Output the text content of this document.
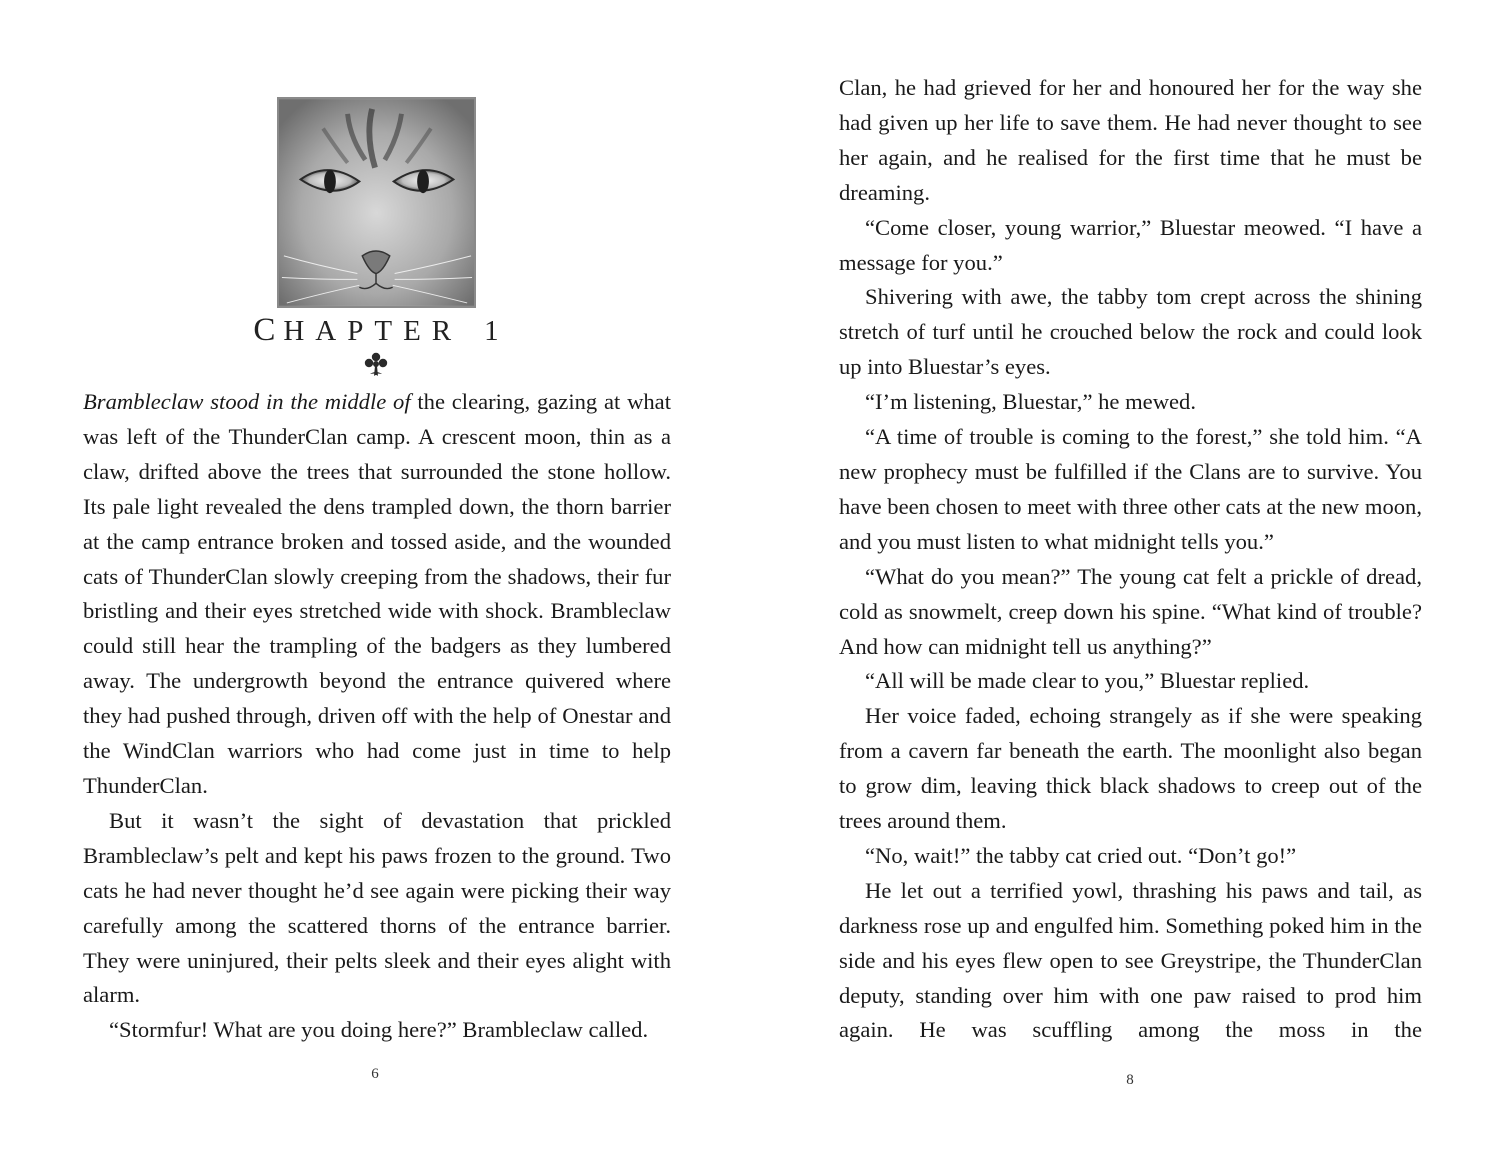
CHAPTER 1

Brambleclaw stood in the middle of the clearing, gazing at what was left of the ThunderClan camp. A crescent moon, thin as a claw, drifted above the trees that surrounded the stone hollow. Its pale light revealed the dens trampled down, the thorn barrier at the camp entrance broken and tossed aside, and the wounded cats of ThunderClan slowly creeping from the shadows, their fur bristling and their eyes stretched wide with shock. Brambleclaw could still hear the trampling of the badgers as they lumbered away. The undergrowth beyond the entrance quivered where they had pushed through, driven off with the help of Onestar and the WindClan warriors who had come just in time to help ThunderClan.

But it wasn’t the sight of devastation that prickled Brambleclaw’s pelt and kept his paws frozen to the ground. Two cats he had never thought he’d see again were picking their way carefully among the scattered thorns of the entrance barrier. They were uninjured, their pelts sleek and their eyes alight with alarm.

“Stormfur! What are you doing here?” Brambleclaw called.

6

Clan, he had grieved for her and honoured her for the way she had given up her life to save them. He had never thought to see her again, and he realised for the first time that he must be dreaming.

“Come closer, young warrior,” Bluestar meowed. “I have a message for you.”

Shivering with awe, the tabby tom crept across the shining stretch of turf until he crouched below the rock and could look up into Bluestar’s eyes.

“I’m listening, Bluestar,” he mewed.

“A time of trouble is coming to the forest,” she told him. “A new prophecy must be fulfilled if the Clans are to survive. You have been chosen to meet with three other cats at the new moon, and you must listen to what midnight tells you.”

“What do you mean?” The young cat felt a prickle of dread, cold as snowmelt, creep down his spine. “What kind of trouble? And how can midnight tell us anything?”

“All will be made clear to you,” Bluestar replied.

Her voice faded, echoing strangely as if she were speaking from a cavern far beneath the earth. The moonlight also began to grow dim, leaving thick black shadows to creep out of the trees around them.

“No, wait!” the tabby cat cried out. “Don’t go!”

He let out a terrified yowl, thrashing his paws and tail, as darkness rose up and engulfed him. Something poked him in the side and his eyes flew open to see Greystripe, the ThunderClan deputy, standing over him with one paw raised to prod him again. He was scuffling among the moss in the

8
